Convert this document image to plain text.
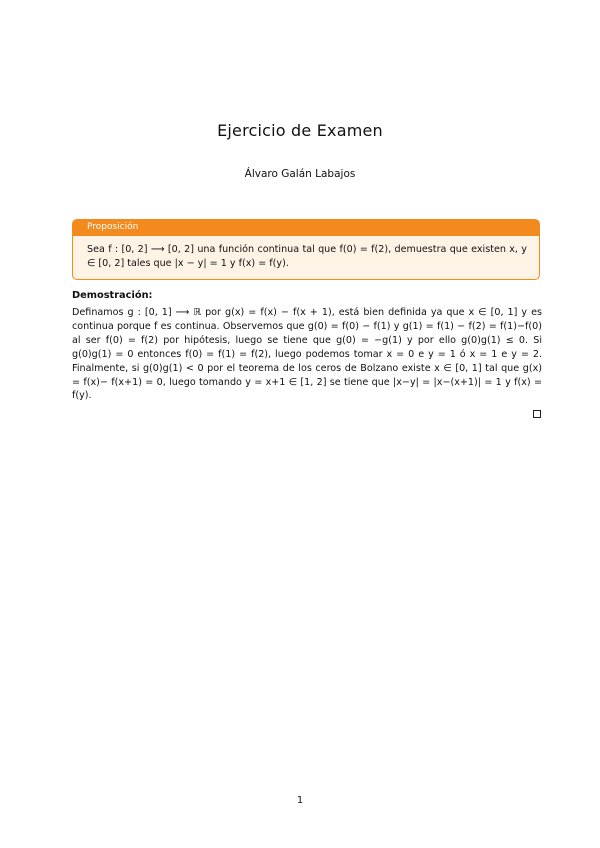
Ejercicio de Examen
Álvaro Galán Labajos
Proposición
Sea f : [0, 2] ⟶ [0, 2] una función continua tal que f(0) = f(2), demuestra que existen x, y ∈ [0, 2] tales que |x − y| = 1 y f(x) = f(y).
Demostración:
Definamos g : [0, 1] ⟶ ℝ por g(x) = f(x) − f(x + 1), está bien definida ya que x ∈ [0, 1] y es continua porque f es continua. Observemos que g(0) = f(0) − f(1) y g(1) = f(1) − f(2) = f(1)−f(0) al ser f(0) = f(2) por hipótesis, luego se tiene que g(0) = −g(1) y por ello g(0)g(1) ≤ 0. Si g(0)g(1) = 0 entonces f(0) = f(1) = f(2), luego podemos tomar x = 0 e y = 1 ó x = 1 e y = 2. Finalmente, si g(0)g(1) < 0 por el teorema de los ceros de Bolzano existe x ∈ [0, 1] tal que g(x) = f(x)− f(x+1) = 0, luego tomando y = x+1 ∈ [1, 2] se tiene que |x−y| = |x−(x+1)| = 1 y f(x) = f(y).
1
